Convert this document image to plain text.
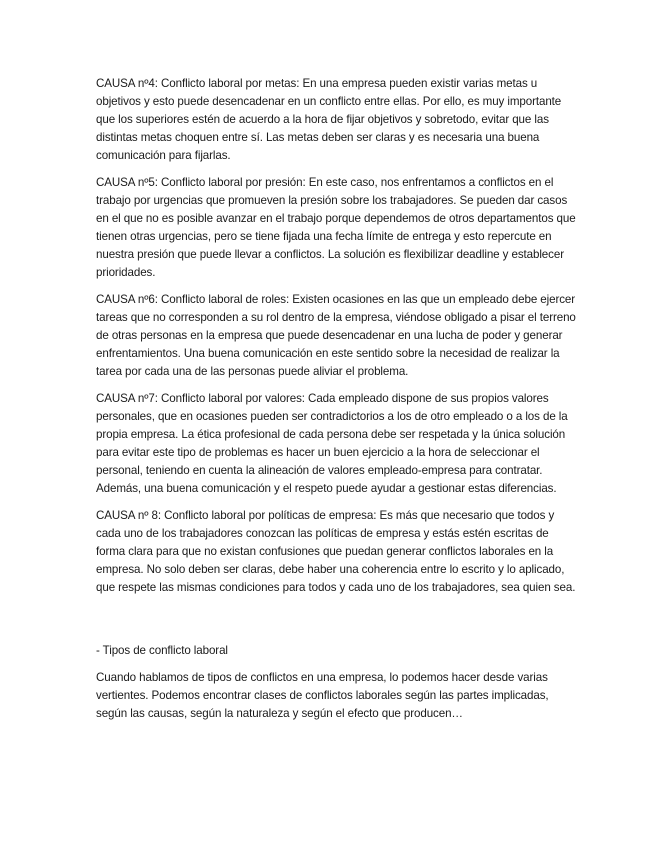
CAUSA nº4: Conflicto laboral por metas: En una empresa pueden existir varias metas u objetivos y esto puede desencadenar en un conflicto entre ellas. Por ello, es muy importante que los superiores estén de acuerdo a la hora de fijar objetivos y sobretodo, evitar que las distintas metas choquen entre sí. Las metas deben ser claras y es necesaria una buena comunicación para fijarlas.

CAUSA nº5: Conflicto laboral por presión: En este caso, nos enfrentamos a conflictos en el trabajo por urgencias que promueven la presión sobre los trabajadores. Se pueden dar casos en el que no es posible avanzar en el trabajo porque dependemos de otros departamentos que tienen otras urgencias, pero se tiene fijada una fecha límite de entrega y esto repercute en nuestra presión que puede llevar a conflictos. La solución es flexibilizar deadline y establecer prioridades.

CAUSA nº6: Conflicto laboral de roles: Existen ocasiones en las que un empleado debe ejercer tareas que no corresponden a su rol dentro de la empresa, viéndose obligado a pisar el terreno de otras personas en la empresa que puede desencadenar en una lucha de poder y generar enfrentamientos. Una buena comunicación en este sentido sobre la necesidad de realizar la tarea por cada una de las personas puede aliviar el problema.

CAUSA nº7: Conflicto laboral por valores: Cada empleado dispone de sus propios valores personales, que en ocasiones pueden ser contradictorios a los de otro empleado o a los de la propia empresa. La ética profesional de cada persona debe ser respetada y la única solución para evitar este tipo de problemas es hacer un buen ejercicio a la hora de seleccionar el personal, teniendo en cuenta la alineación de valores empleado-empresa para contratar. Además, una buena comunicación y el respeto puede ayudar a gestionar estas diferencias.

CAUSA nº 8: Conflicto laboral por políticas de empresa: Es más que necesario que todos y cada uno de los trabajadores conozcan las políticas de empresa y estás estén escritas de forma clara para que no existan confusiones que puedan generar conflictos laborales en la empresa. No solo deben ser claras, debe haber una coherencia entre lo escrito y lo aplicado, que respete las mismas condiciones para todos y cada uno de los trabajadores, sea quien sea.

- Tipos de conflicto laboral

Cuando hablamos de tipos de conflictos en una empresa, lo podemos hacer desde varias vertientes. Podemos encontrar clases de conflictos laborales según las partes implicadas, según las causas, según la naturaleza y según el efecto que producen…
